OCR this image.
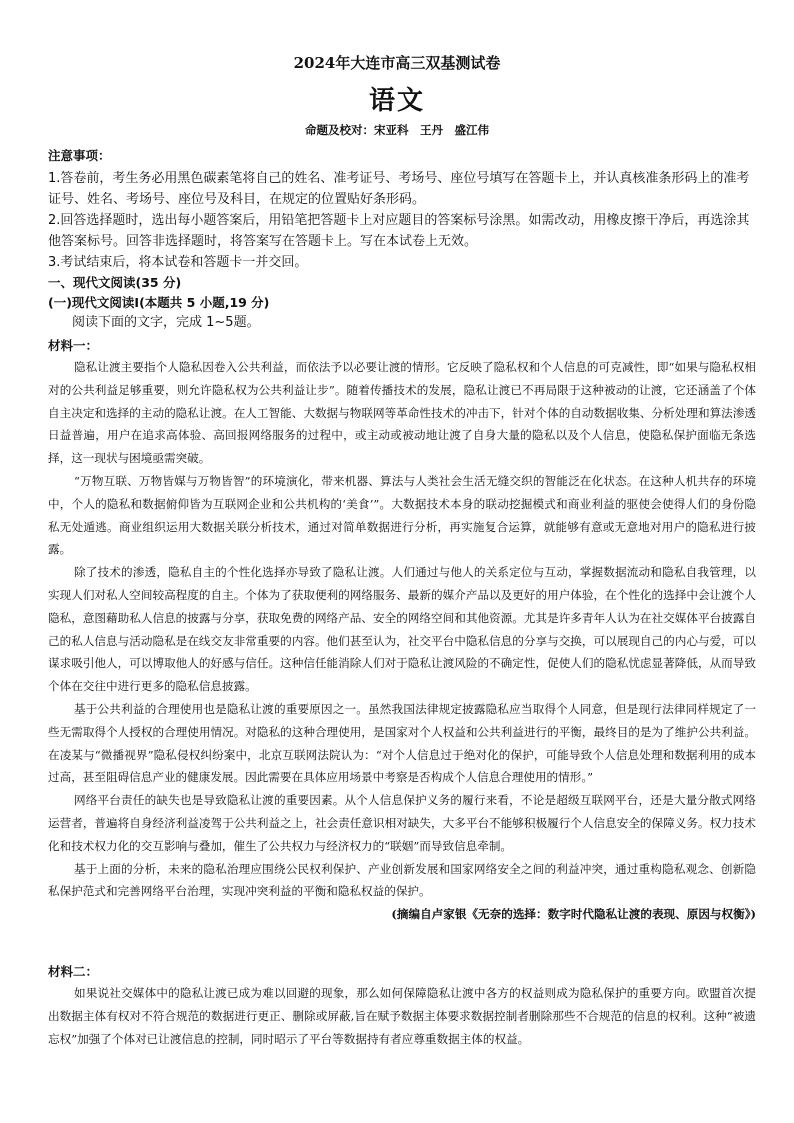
2024年大连市高三双基测试卷
语文
命题及校对：宋亚科　王丹　盛江伟
注意事项：

1.答卷前，考生务必用黑色碳素笔将自己的姓名、准考证号、考场号、座位号填写在答题卡上，并认真核准条形码上的准考证号、姓名、考场号、座位号及科目，在规定的位置贴好条形码。

2.回答选择题时，选出每小题答案后，用铅笔把答题卡上对应题目的答案标号涂黑。如需改动，用橡皮擦干净后，再选涂其他答案标号。回答非选择题时，将答案写在答题卡上。写在本试卷上无效。

3.考试结束后，将本试卷和答题卡一并交回。

一、现代文阅读(35 分)
(一)现代文阅读Ⅰ(本题共 5 小题,19 分)

阅读下面的文字，完成 1~5题。

材料一：

隐私让渡主要指个人隐私因卷入公共利益，而依法予以必要让渡的情形。它反映了隐私权和个人信息的可克减性，即“如果与隐私权相对的公共利益足够重要，则允许隐私权为公共利益让步”。随着传播技术的发展，隐私让渡已不再局限于这种被动的让渡，它还涵盖了个体自主决定和选择的主动的隐私让渡。在人工智能、大数据与物联网等革命性技术的冲击下，针对个体的自动数据收集、分析处理和算法渗透日益普遍，用户在追求高体验、高回报网络服务的过程中，或主动或被动地让渡了自身大量的隐私以及个人信息，使隐私保护面临无条选择，这一现状与困境亟需突破。

“万物互联、万物皆媒与万物皆智”的环境演化，带来机器、算法与人类社会生活无缝交织的智能泛在化状态。在这种人机共存的环境中，个人的隐私和数据俯仰皆为互联网企业和公共机构的‘美食’”。大数据技术本身的联动挖掘模式和商业利益的驱使会使得人们的身份隐私无处遁逃。商业组织运用大数据关联分析技术，通过对简单数据进行分析，再实施复合运算，就能够有意或无意地对用户的隐私进行披露。

除了技术的渗透，隐私自主的个性化选择亦导致了隐私让渡。人们通过与他人的关系定位与互动，掌握数据流动和隐私自我管理，以实现人们对私人空间较高程度的自主。个体为了获取便利的网络服务、最新的媒介产品以及更好的用户体验，在个性化的选择中会让渡个人隐私，意图藉助私人信息的披露与分享，获取免费的网络产品、安全的网络空间和其他资源。尤其是许多青年人认为在社交媒体平台披露自己的私人信息与活动隐私是在线交友非常重要的内容。他们甚至认为，社交平台中隐私信息的分享与交换，可以展现自己的内心与爱，可以谋求吸引他人，可以博取他人的好感与信任。这种信任能消除人们对于隐私让渡风险的不确定性，促使人们的隐私忧虑显著降低，从而导致个体在交往中进行更多的隐私信息披露。

基于公共利益的合理使用也是隐私让渡的重要原因之一。虽然我国法律规定披露隐私应当取得个人同意，但是现行法律同样规定了一些无需取得个人授权的合理使用情况。对隐私的这种合理使用，是国家对个人权益和公共利益进行的平衡，最终目的是为了维护公共利益。在凌某与“微播视界”隐私侵权纠纷案中，北京互联网法院认为：“对个人信息过于绝对化的保护，可能导致个人信息处理和数据利用的成本过高，甚至阻碍信息产业的健康发展。因此需要在具体应用场景中考察是否构成个人信息合理使用的情形。”

网络平台责任的缺失也是导致隐私让渡的重要因素。从个人信息保护义务的履行来看，不论是超级互联网平台，还是大量分散式网络运营者，普遍将自身经济利益凌驾于公共利益之上，社会责任意识相对缺失，大多平台不能够积极履行个人信息安全的保障义务。权力技术化和技术权力化的交互影响与叠加，催生了公共权力与经济权力的“联姻”而导致信息牵制。

基于上面的分析，未来的隐私治理应围绕公民权利保护、产业创新发展和国家网络安全之间的利益冲突，通过重构隐私观念、创新隐私保护范式和完善网络平台治理，实现冲突利益的平衡和隐私权益的保护。

(摘编自卢家银《无奈的选择：数字时代隐私让渡的表现、原因与权衡》)

材料二：

如果说社交媒体中的隐私让渡已成为难以回避的现象，那么如何保障隐私让渡中各方的权益则成为隐私保护的重要方向。欧盟首次提出数据主体有权对不符合规范的数据进行更正、删除或屏蔽,旨在赋予数据主体要求数据控制者删除那些不合规范的信息的权利。这种“被遗忘权”加强了个体对已让渡信息的控制，同时昭示了平台等数据持有者应尊重数据主体的权益。
